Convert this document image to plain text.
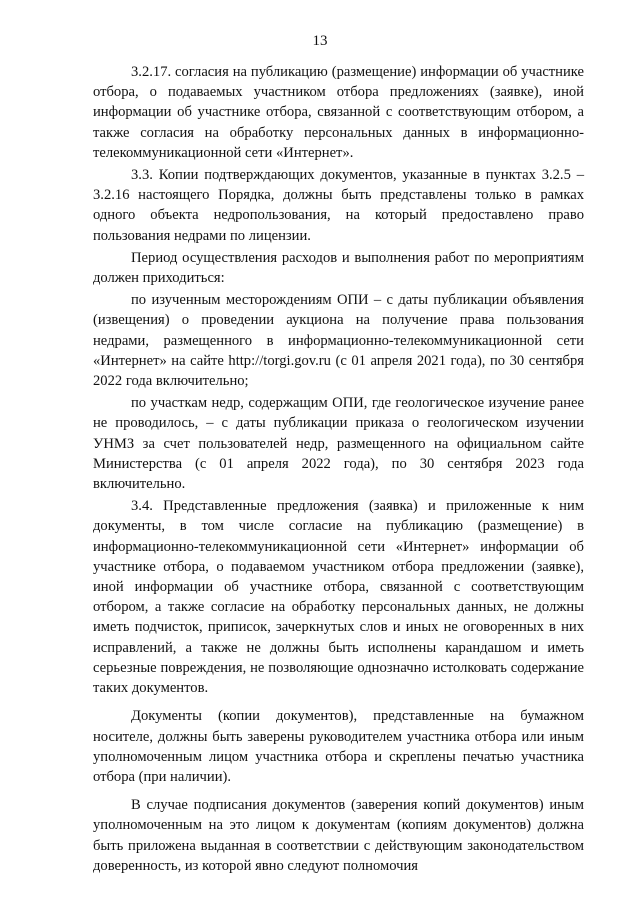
13

3.2.17. согласия на публикацию (размещение) информации об участнике отбора, о подаваемых участником отбора предложениях (заявке), иной информации об участнике отбора, связанной с соответствующим отбором, а также согласия на обработку персональных данных в информационно-телекоммуникационной сети «Интернет».

3.3. Копии подтверждающих документов, указанные в пунктах 3.2.5 – 3.2.16 настоящего Порядка, должны быть представлены только в рамках одного объекта недропользования, на который предоставлено право пользования недрами по лицензии.

Период осуществления расходов и выполнения работ по мероприятиям должен приходиться:

по изученным месторождениям ОПИ – с даты публикации объявления (извещения) о проведении аукциона на получение права пользования недрами, размещенного в информационно-телекоммуникационной сети «Интернет» на сайте http://torgi.gov.ru (с 01 апреля 2021 года), по 30 сентября 2022 года включительно;

по участкам недр, содержащим ОПИ, где геологическое изучение ранее не проводилось, – с даты публикации приказа о геологическом изучении УНМЗ за счет пользователей недр, размещенного на официальном сайте Министерства (с 01 апреля 2022 года), по 30 сентября 2023 года включительно.

3.4. Представленные предложения (заявка) и приложенные к ним документы, в том числе согласие на публикацию (размещение) в информационно-телекоммуникационной сети «Интернет» информации об участнике отбора, о подаваемом участником отбора предложении (заявке), иной информации об участнике отбора, связанной с соответствующим отбором, а также согласие на обработку персональных данных, не должны иметь подчисток, приписок, зачеркнутых слов и иных не оговоренных в них исправлений, а также не должны быть исполнены карандашом и иметь серьезные повреждения, не позволяющие однозначно истолковать содержание таких документов.

Документы (копии документов), представленные на бумажном носителе, должны быть заверены руководителем участника отбора или иным уполномоченным лицом участника отбора и скреплены печатью участника отбора (при наличии).

В случае подписания документов (заверения копий документов) иным уполномоченным на это лицом к документам (копиям документов) должна быть приложена выданная в соответствии с действующим законодательством доверенность, из которой явно следуют полномочия
